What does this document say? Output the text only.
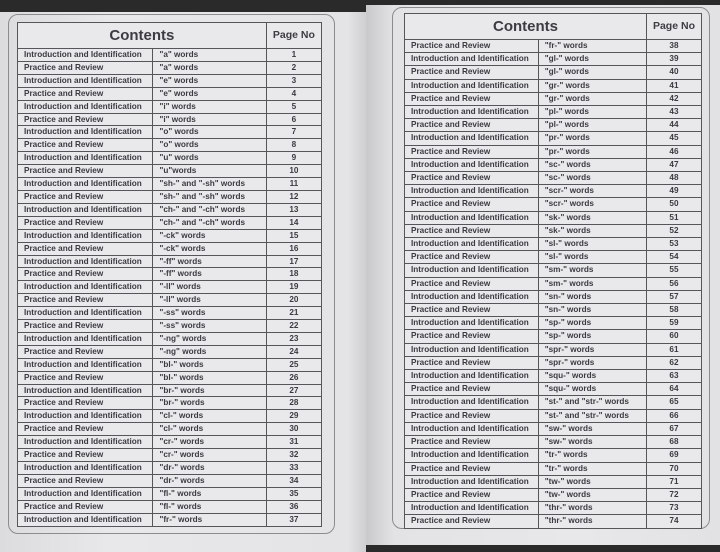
Contents		Page No
Introduction and Identification	"a" words	1
Practice and Review	"a" words	2
Introduction and Identification	"e" words	3
Practice and Review	"e" words	4
Introduction and Identification	"i" words	5
Practice and Review	"i" words	6
Introduction and Identification	"o" words	7
Practice and Review	"o" words	8
Introduction and Identification	"u" words	9
Practice and Review	"u"words	10
Introduction and Identification	"sh-" and "-sh" words	11
Practice and Review	"sh-" and "-sh" words	12
Introduction and Identification	"ch-" and "-ch" words	13
Practice and Review	"ch-" and "-ch" words	14
Introduction and Identification	"-ck" words	15
Practice and Review	"-ck" words	16
Introduction and Identification	"-ff" words	17
Practice and Review	"-ff" words	18
Introduction and Identification	"-ll" words	19
Practice and Review	"-ll" words	20
Introduction and Identification	"-ss" words	21
Practice and Review	"-ss" words	22
Introduction and Identification	"-ng" words	23
Practice and Review	"-ng" words	24
Introduction and Identification	"bl-" words	25
Practice and Review	"bl-" words	26
Introduction and Identification	"br-" words	27
Practice and Review	"br-" words	28
Introduction and Identification	"cl-" words	29
Practice and Review	"cl-" words	30
Introduction and Identification	"cr-" words	31
Practice and Review	"cr-" words	32
Introduction and Identification	"dr-" words	33
Practice and Review	"dr-" words	34
Introduction and Identification	"fl-" words	35
Practice and Review	"fl-" words	36
Introduction and Identification	"fr-" words	37
Contents		Page No
Practice and Review	"fr-" words	38
Introduction and Identification	"gl-" words	39
Practice and Review	"gl-" words	40
Introduction and Identification	"gr-" words	41
Practice and Review	"gr-" words	42
Introduction and Identification	"pl-" words	43
Practice and Review	"pl-" words	44
Introduction and Identification	"pr-" words	45
Practice and Review	"pr-" words	46
Introduction and Identification	"sc-" words	47
Practice and Review	"sc-" words	48
Introduction and Identification	"scr-" words	49
Practice and Review	"scr-" words	50
Introduction and Identification	"sk-" words	51
Practice and Review	"sk-" words	52
Introduction and Identification	"sl-" words	53
Practice and Review	"sl-" words	54
Introduction and Identification	"sm-" words	55
Practice and Review	"sm-" words	56
Introduction and Identification	"sn-" words	57
Practice and Review	"sn-" words	58
Introduction and Identification	"sp-" words	59
Practice and Review	"sp-" words	60
Introduction and Identification	"spr-" words	61
Practice and Review	"spr-" words	62
Introduction and Identification	"squ-" words	63
Practice and Review	"squ-" words	64
Introduction and Identification	"st-" and "str-" words	65
Practice and Review	"st-" and "str-" words	66
Introduction and Identification	"sw-" words	67
Practice and Review	"sw-" words	68
Introduction and Identification	"tr-" words	69
Practice and Review	"tr-" words	70
Introduction and Identification	"tw-" words	71
Practice and Review	"tw-" words	72
Introduction and Identification	"thr-" words	73
Practice and Review	"thr-" words	74
